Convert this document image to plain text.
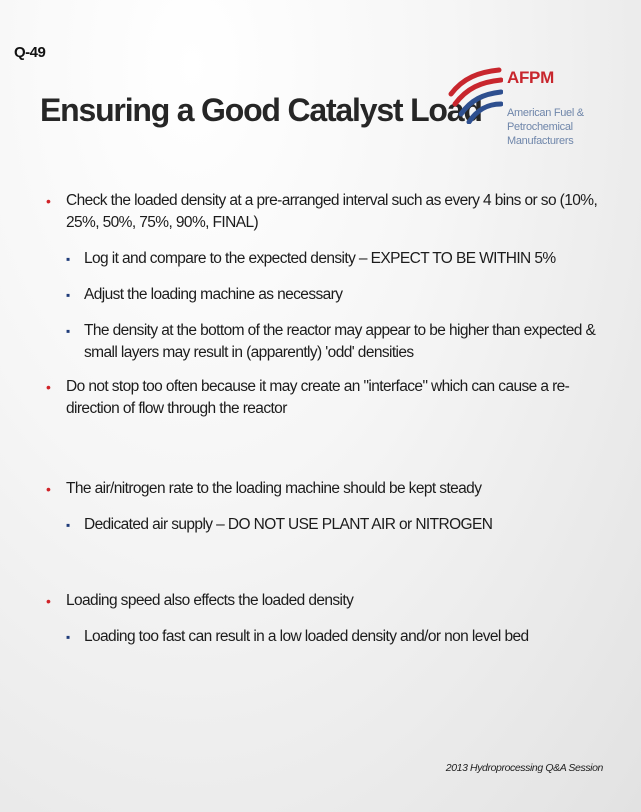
Q-49
Ensuring a Good Catalyst Load
AFPM
American Fuel & Petrochemical Manufacturers
• Check the loaded density at a pre-arranged interval such as every 4 bins or so (10%, 25%, 50%, 75%, 90%, FINAL)
▪ Log it and compare to the expected density – EXPECT TO BE WITHIN 5%
▪ Adjust the loading machine as necessary
▪ The density at the bottom of the reactor may appear to be higher than expected & small layers may result in (apparently) 'odd' densities
• Do not stop too often because it may create an "interface" which can cause a re-direction of flow through the reactor
• The air/nitrogen rate to the loading machine should be kept steady
▪ Dedicated air supply – DO NOT USE PLANT AIR or NITROGEN
• Loading speed also effects the loaded density
▪ Loading too fast can result in a low loaded density and/or non level bed
2013 Hydroprocessing Q&A Session
